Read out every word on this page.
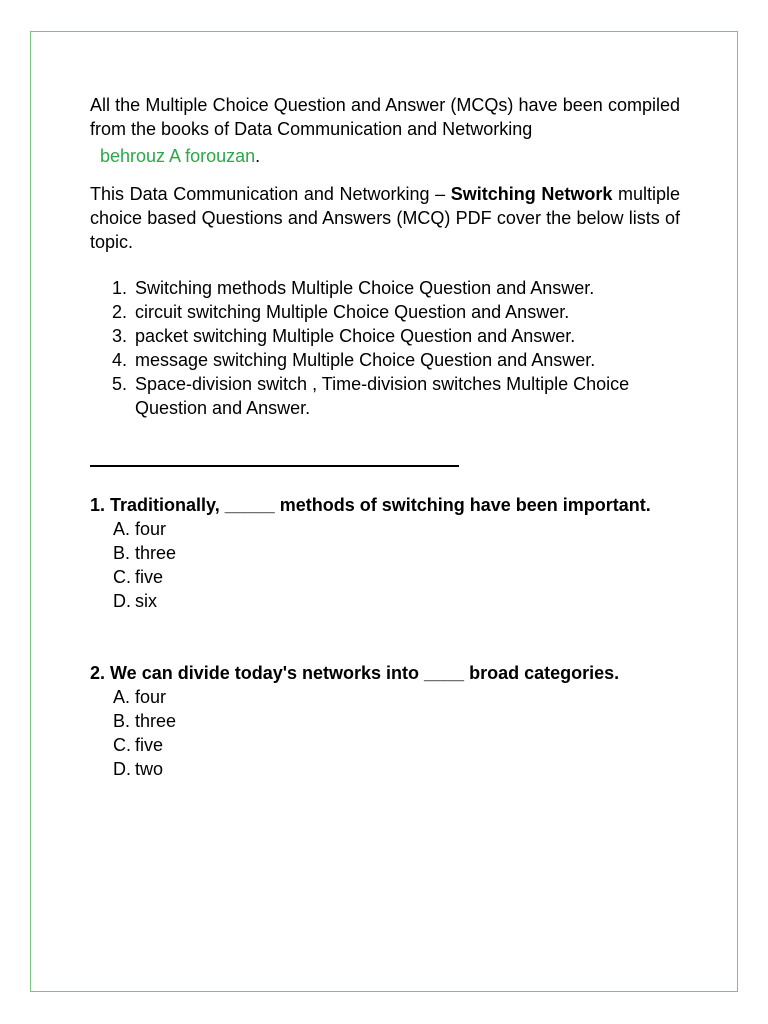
All the Multiple Choice Question and Answer (MCQs) have been compiled from the books of Data Communication and Networking

behrouz A forouzan.

This Data Communication and Networking – Switching Network multiple choice based Questions and Answers (MCQ) PDF cover the below lists of topic.

1. Switching methods Multiple Choice Question and Answer.
2. circuit switching Multiple Choice Question and Answer.
3. packet switching Multiple Choice Question and Answer.
4. message switching Multiple Choice Question and Answer.
5. Space-division switch , Time-division switches Multiple Choice Question and Answer.

1. Traditionally, _____ methods of switching have been important.

A. four
B. three
C. five
D. six

2. We can divide today's networks into ____ broad categories.

A. four
B. three
C. five
D. two
